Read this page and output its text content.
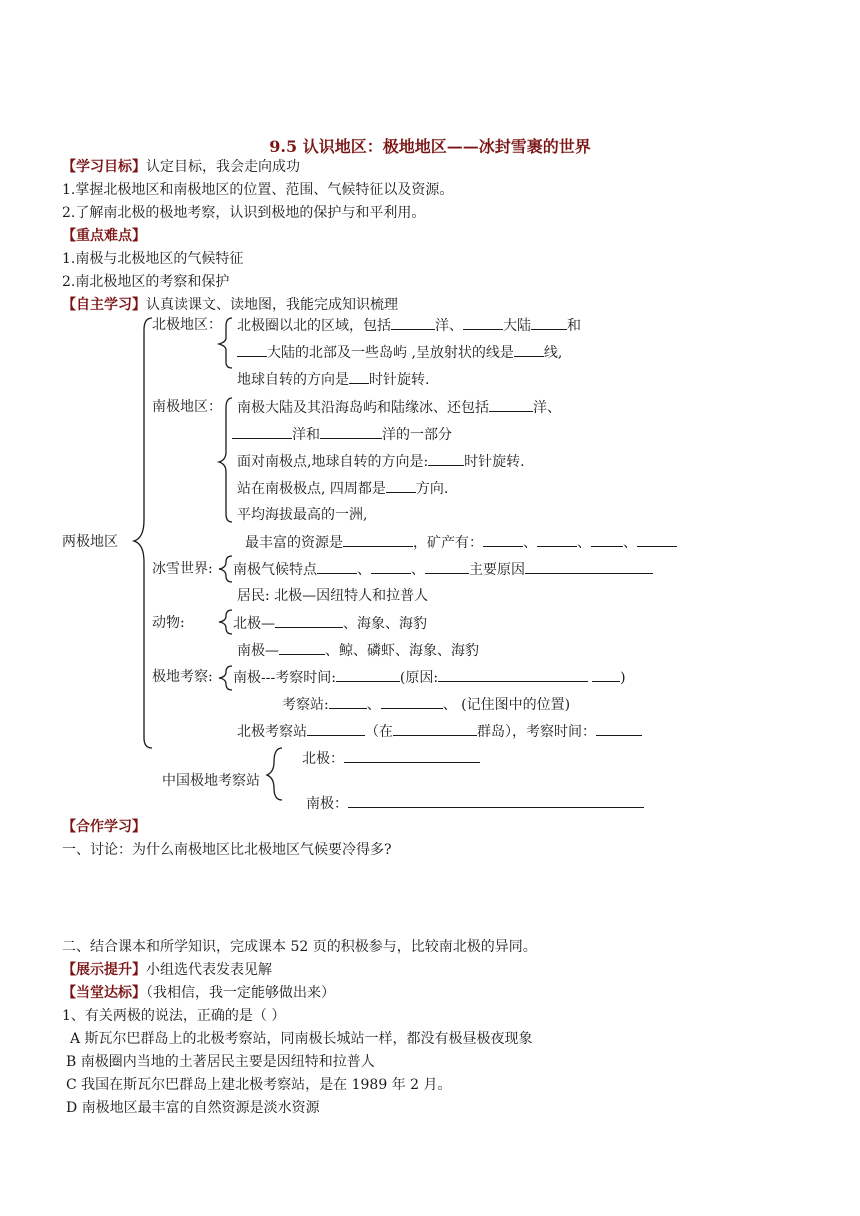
9.5 认识地区：极地地区——冰封雪裹的世界
【学习目标】认定目标，我会走向成功
1.掌握北极地区和南极地区的位置、范围、气候特征以及资源。
2.了解南北极的极地考察，认识到极地的保护与和平利用。
【重点难点】
1.南极与北极地区的气候特征
2.南北极地区的考察和保护
【自主学习】认真读课文、读地图，我能完成知识梳理
两极地区
北极地区： 北极圈以北的区域，包括	洋、	大陆	和
大陆的北部及一些岛屿 ,呈放射状的线是 线,
地球自转的方向是 时针旋转.
南极地区： 南极大陆及其沿海岛屿和陆缘冰、还包括	洋、
洋和	洋的一部分
面对南极点,地球自转的方向是:	时针旋转.
站在南极极点, 四周都是 方向.
平均海拔最高的一洲,
最丰富的资源是	，矿产有：	、	、 、
冰雪世界: 南极气候特点	、	、	主要原因
居民: 北极—因纽特人和拉普人
动物:	北极—	、海象、海豹
南极—	、鲸、磷虾、海象、海豹
极地考察: 南极---考察时间:	(原因:	)
考察站:	、	、 (记住图中的位置)
北极考察站	（在	群岛），考察时间：
中国极地考察站
北极：
南极：
【合作学习】
一、讨论：为什么南极地区比北极地区气候要冷得多?
二、结合课本和所学知识，完成课本 52 页的积极参与，比较南北极的异同。
【展示提升】小组选代表发表见解
【当堂达标】（我相信，我一定能够做出来）
1、有关两极的说法，正确的是（ ）
A 斯瓦尔巴群岛上的北极考察站，同南极长城站一样，都没有极昼极夜现象
B 南极圈内当地的土著居民主要是因纽特和拉普人
C 我国在斯瓦尔巴群岛上建北极考察站，是在 1989 年 2 月。
D 南极地区最丰富的自然资源是淡水资源
